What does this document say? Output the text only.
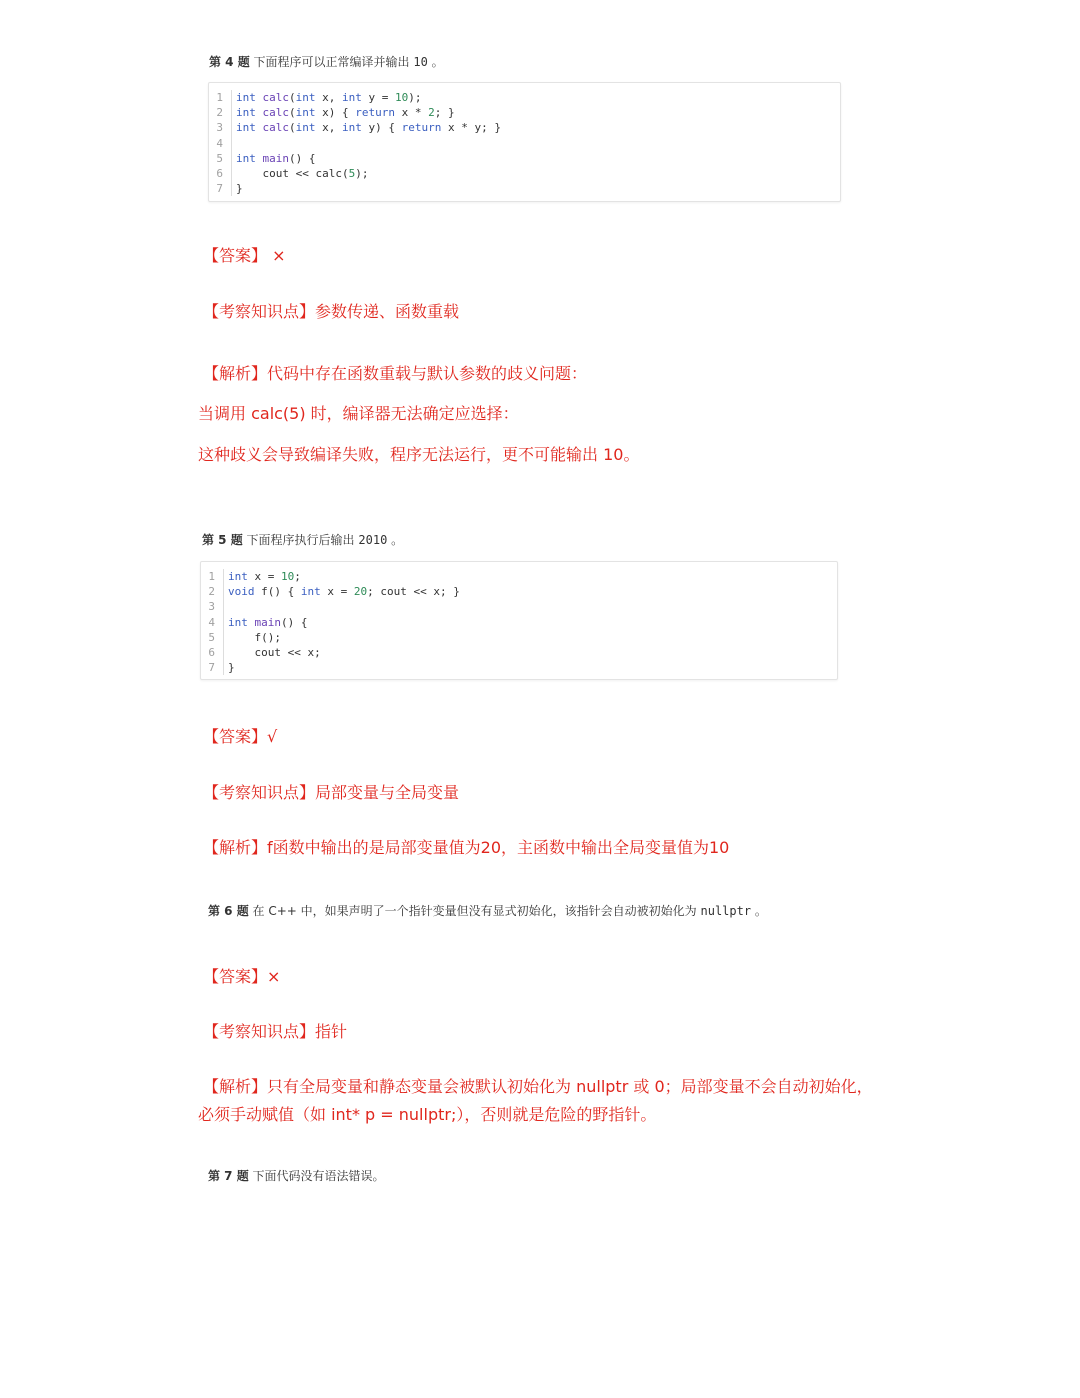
第 4 题 下面程序可以正常编译并输出 10 。
1	int calc(int x, int y = 10);
2	int calc(int x) { return x * 2; }
3	int calc(int x, int y) { return x * y; }
4

5	int main() {
6	cout << calc(5);
7	}
【答案】 ×
【考察知识点】参数传递、函数重载
【解析】代码中存在函数重载与默认参数的歧义问题：
当调用 calc(5) 时，编译器无法确定应选择：
这种歧义会导致编译失败，程序无法运行，更不可能输出 10。
第 5 题 下面程序执行后输出 2010 。
1	int x = 10;
2	void f() { int x = 20; cout << x; }
3

4	int main() {
5	f();
6	cout << x;
7	}
【答案】√
【考察知识点】局部变量与全局变量
【解析】f函数中输出的是局部变量值为20，主函数中输出全局变量值为10
第 6 题 在 C++ 中，如果声明了一个指针变量但没有显式初始化，该指针会自动被初始化为 nullptr 。
【答案】×
【考察知识点】指针
【解析】只有全局变量和静态变量会被默认初始化为 nullptr 或 0；局部变量不会自动初始化，
必须手动赋值（如 int* p = nullptr;），否则就是危险的野指针。
第 7 题 下面代码没有语法错误。
